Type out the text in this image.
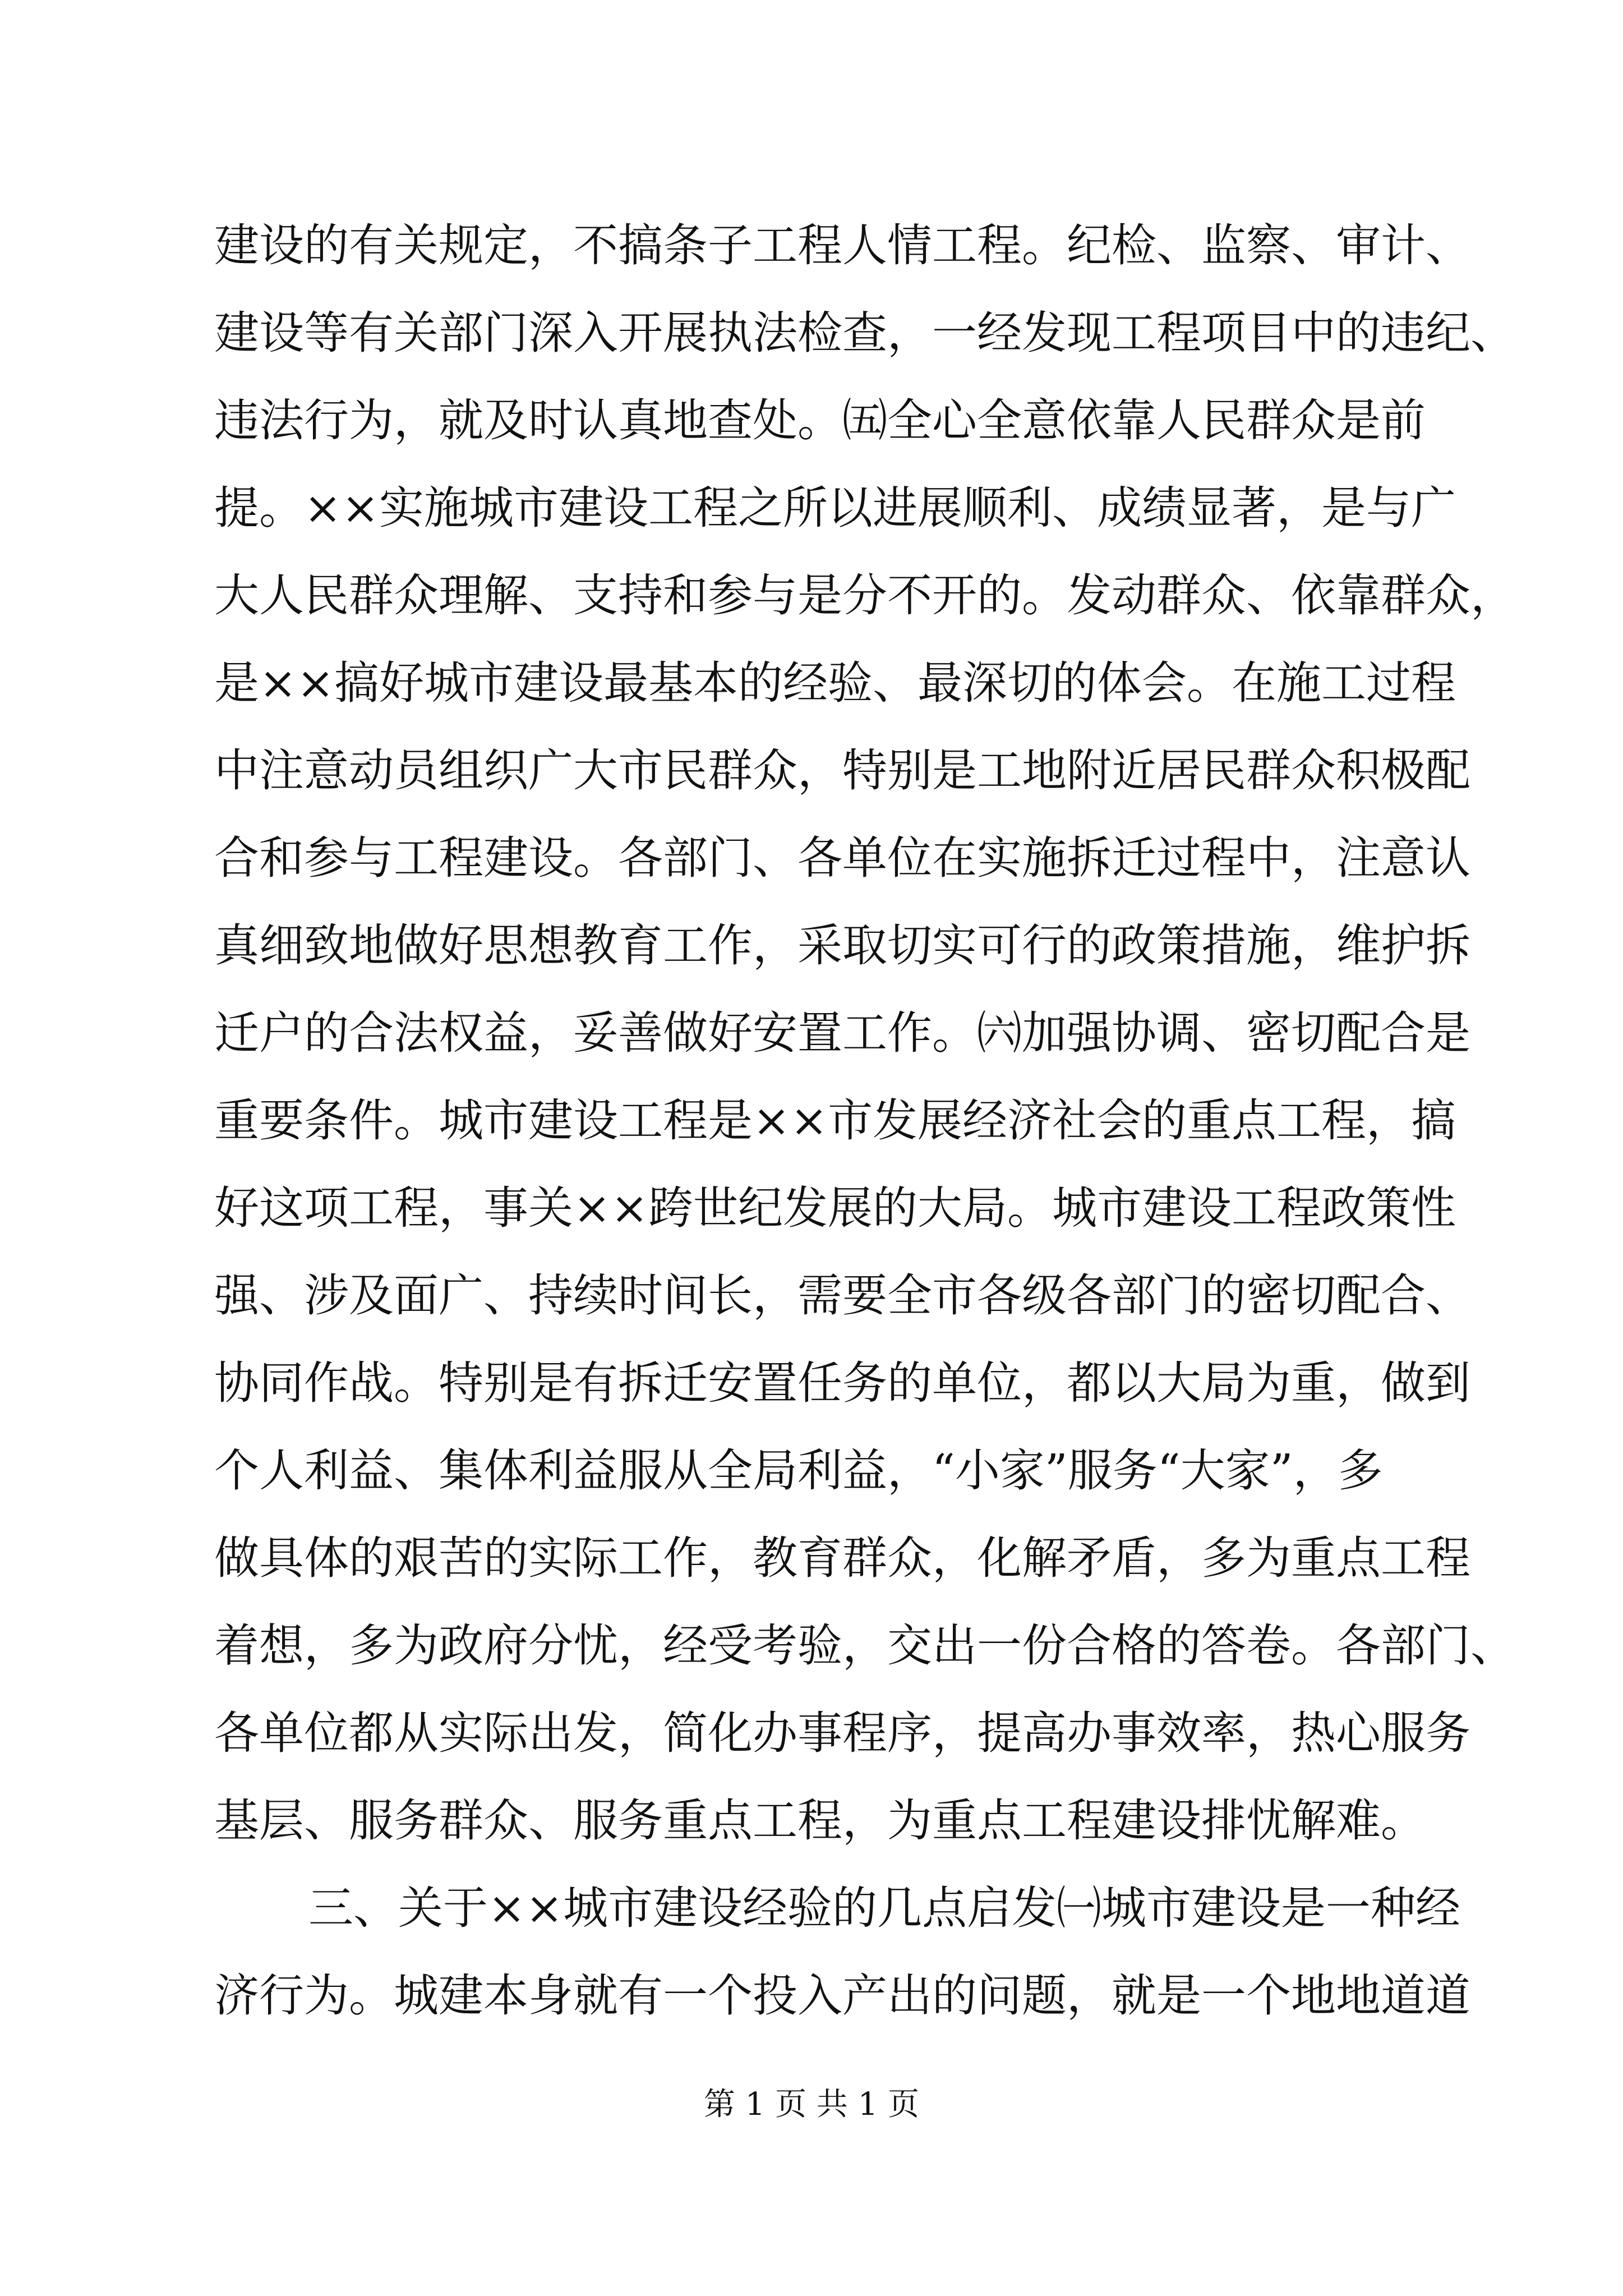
建设的有关规定，不搞条子工程人情工程。纪检、监察、审计、
建设等有关部门深入开展执法检查，一经发现工程项目中的违纪、
违法行为，就及时认真地查处。㈤全心全意依靠人民群众是前
提。××实施城市建设工程之所以进展顺利、成绩显著，是与广
大人民群众理解、支持和参与是分不开的。发动群众、依靠群众，
是××搞好城市建设最基本的经验、最深切的体会。在施工过程
中注意动员组织广大市民群众，特别是工地附近居民群众积极配
合和参与工程建设。各部门、各单位在实施拆迁过程中，注意认
真细致地做好思想教育工作，采取切实可行的政策措施，维护拆
迁户的合法权益，妥善做好安置工作。㈥加强协调、密切配合是
重要条件。城市建设工程是××市发展经济社会的重点工程，搞
好这项工程，事关××跨世纪发展的大局。城市建设工程政策性
强、涉及面广、持续时间长，需要全市各级各部门的密切配合、
协同作战。特别是有拆迁安置任务的单位，都以大局为重，做到
个人利益、集体利益服从全局利益，“小家”服务“大家”，多
做具体的艰苦的实际工作，教育群众，化解矛盾，多为重点工程
着想，多为政府分忧，经受考验，交出一份合格的答卷。各部门、
各单位都从实际出发，简化办事程序，提高办事效率，热心服务
基层、服务群众、服务重点工程，为重点工程建设排忧解难。
三、关于××城市建设经验的几点启发㈠城市建设是一种经
济行为。城建本身就有一个投入产出的问题，就是一个地地道道
第 1 页 共 1 页
